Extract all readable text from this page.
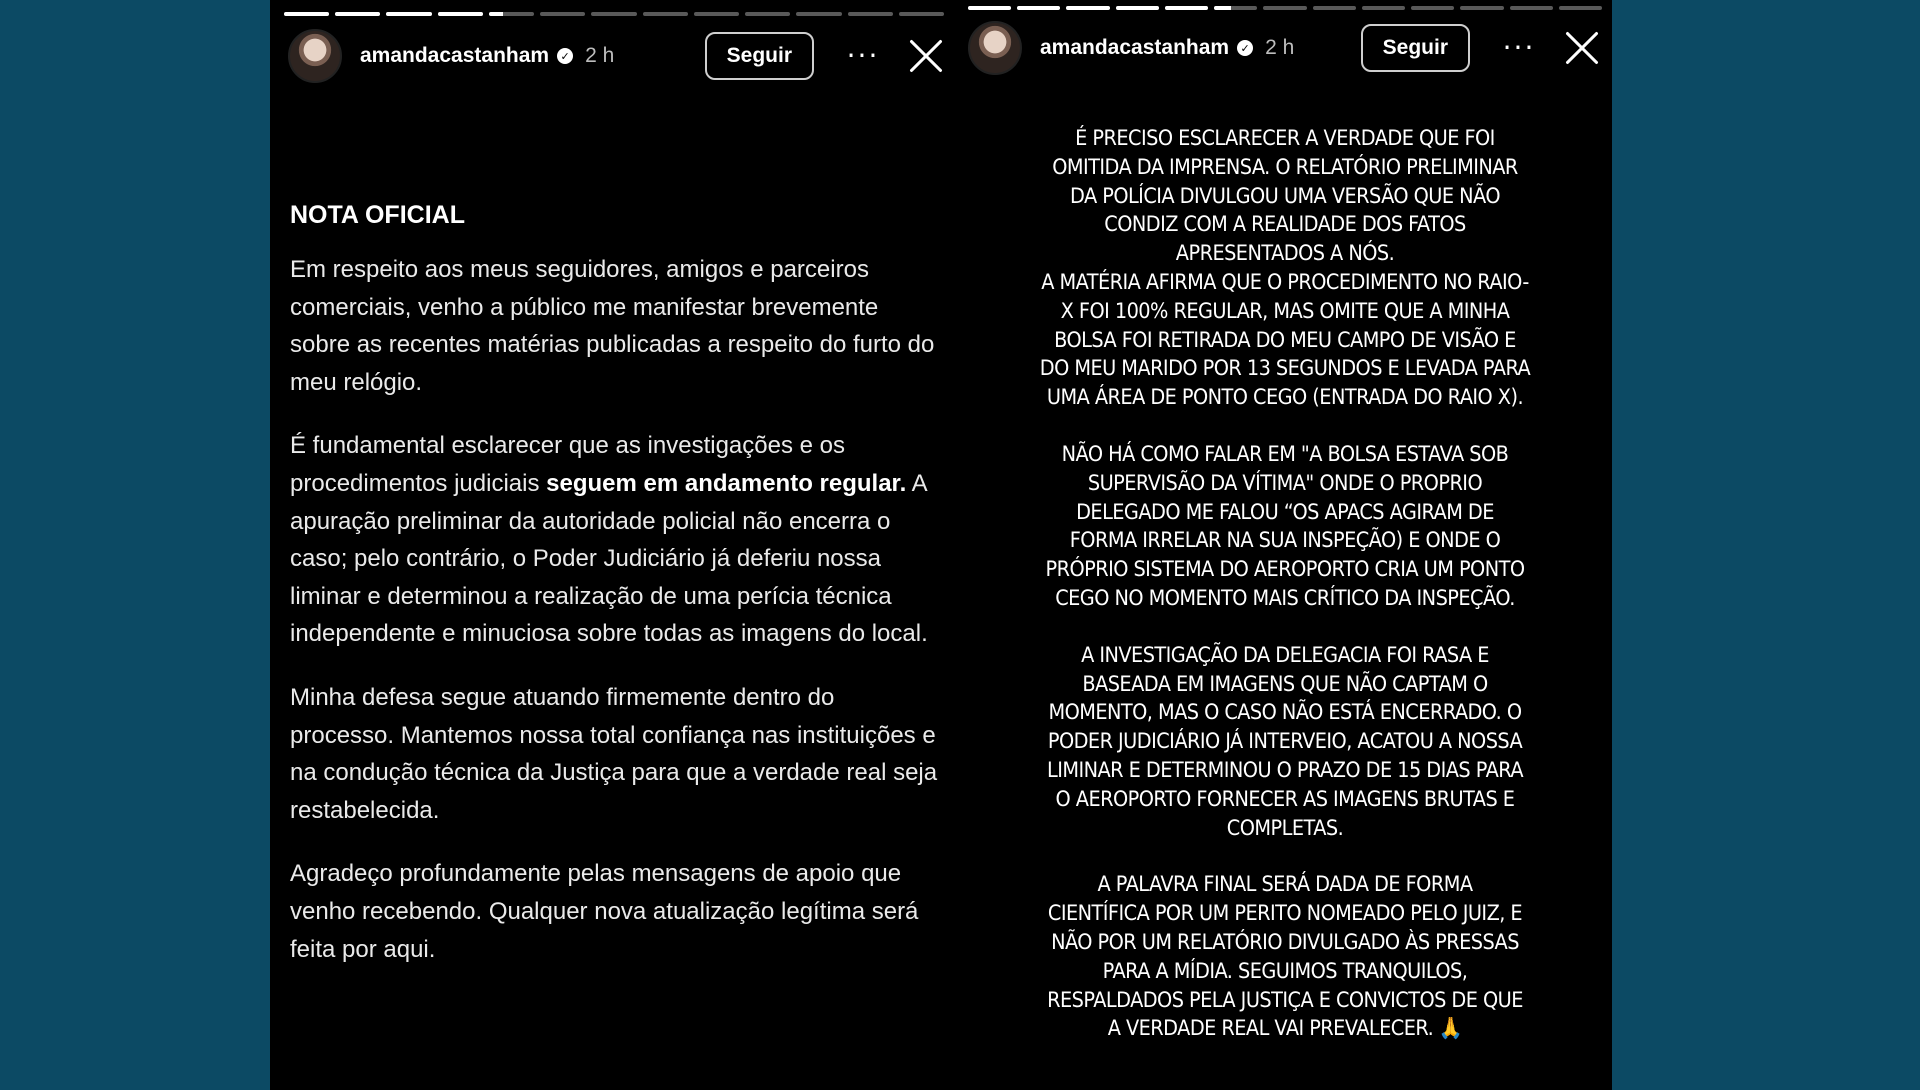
amandacastanham	✓ 2 h	Seguir	···
NOTA OFICIAL

Em respeito aos meus seguidores, amigos e parceiros comerciais, venho a público me manifestar brevemente sobre as recentes matérias publicadas a respeito do furto do meu relógio.

É fundamental esclarecer que as investigações e os procedimentos judiciais seguem em andamento regular. A apuração preliminar da autoridade policial não encerra o caso; pelo contrário, o Poder Judiciário já deferiu nossa liminar e determinou a realização de uma perícia técnica independente e minuciosa sobre todas as imagens do local.

Minha defesa segue atuando firmemente dentro do processo. Mantemos nossa total confiança nas instituições e na condução técnica da Justiça para que a verdade real seja restabelecida.

Agradeço profundamente pelas mensagens de apoio que venho recebendo. Qualquer nova atualização legítima será feita por aqui.

amandacastanham	✓ 2 h	Seguir	···

É PRECISO ESCLARECER A VERDADE QUE FOI
OMITIDA DA IMPRENSA. O RELATÓRIO PRELIMINAR
DA POLÍCIA DIVULGOU UMA VERSÃO QUE NÃO
CONDIZ COM A REALIDADE DOS FATOS
APRESENTADOS A NÓS.
A MATÉRIA AFIRMA QUE O PROCEDIMENTO NO RAIO-
X FOI 100% REGULAR, MAS OMITE QUE A MINHA
BOLSA FOI RETIRADA DO MEU CAMPO DE VISÃO E
DO MEU MARIDO POR 13 SEGUNDOS E LEVADA PARA
UMA ÁREA DE PONTO CEGO (ENTRADA DO RAIO X).

NÃO HÁ COMO FALAR EM "A BOLSA ESTAVA SOB
SUPERVISÃO DA VÍTIMA" ONDE O PROPRIO
DELEGADO ME FALOU “OS APACS AGIRAM DE
FORMA IRRELAR NA SUA INSPEÇÃO) E ONDE O
PRÓPRIO SISTEMA DO AEROPORTO CRIA UM PONTO
CEGO NO MOMENTO MAIS CRÍTICO DA INSPEÇÃO.

A INVESTIGAÇÃO DA DELEGACIA FOI RASA E
BASEADA EM IMAGENS QUE NÃO CAPTAM O
MOMENTO, MAS O CASO NÃO ESTÁ ENCERRADO. O
PODER JUDICIÁRIO JÁ INTERVEIO, ACATOU A NOSSA
LIMINAR E DETERMINOU O PRAZO DE 15 DIAS PARA
O AEROPORTO FORNECER AS IMAGENS BRUTAS E
COMPLETAS.

A PALAVRA FINAL SERÁ DADA DE FORMA
CIENTÍFICA POR UM PERITO NOMEADO PELO JUIZ, E
NÃO POR UM RELATÓRIO DIVULGADO ÀS PRESSAS
PARA A MÍDIA. SEGUIMOS TRANQUILOS,
RESPALDADOS PELA JUSTIÇA E CONVICTOS DE QUE
A VERDADE REAL VAI PREVALECER. 🙏
